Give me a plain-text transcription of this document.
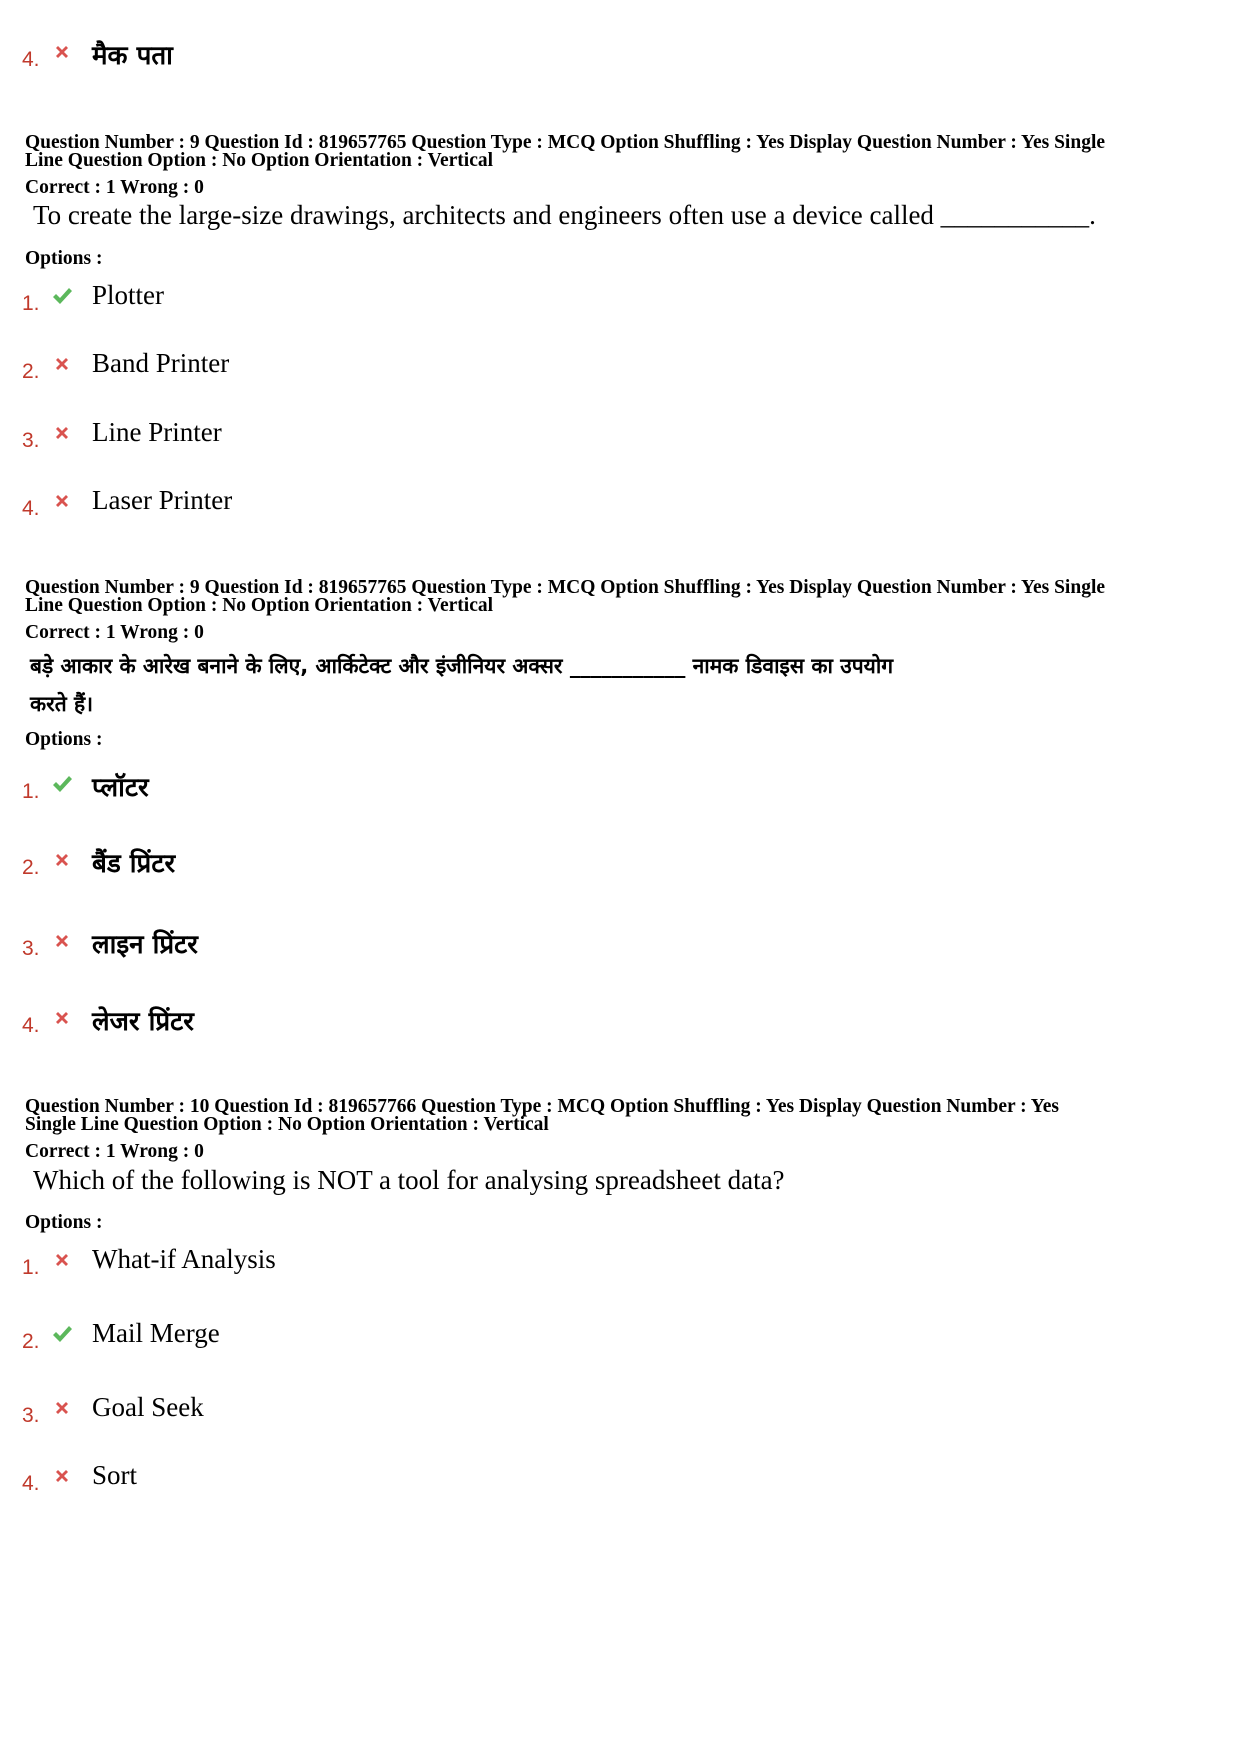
4. मैक पता
Question Number : 9 Question Id : 819657765 Question Type : MCQ Option Shuffling : Yes Display Question Number : Yes Single
Line Question Option : No Option Orientation : Vertical
Correct : 1 Wrong : 0
To create the large-size drawings, architects and engineers often use a device called ___________.
Options :
1. Plotter
2. Band Printer
3. Line Printer
4. Laser Printer
Question Number : 9 Question Id : 819657765 Question Type : MCQ Option Shuffling : Yes Display Question Number : Yes Single
Line Question Option : No Option Orientation : Vertical
Correct : 1 Wrong : 0
बड़े आकार के आरेख बनाने के लिए, आर्किटेक्ट और इंजीनियर अक्सर ___________ नामक डिवाइस का उपयोग
करते हैं।
Options :
1. प्लॉटर
2. बैंड प्रिंटर
3. लाइन प्रिंटर
4. लेजर प्रिंटर
Question Number : 10 Question Id : 819657766 Question Type : MCQ Option Shuffling : Yes Display Question Number : Yes
Single Line Question Option : No Option Orientation : Vertical
Correct : 1 Wrong : 0
Which of the following is NOT a tool for analysing spreadsheet data?
Options :
1. What-if Analysis
2. Mail Merge
3. Goal Seek
4. Sort
